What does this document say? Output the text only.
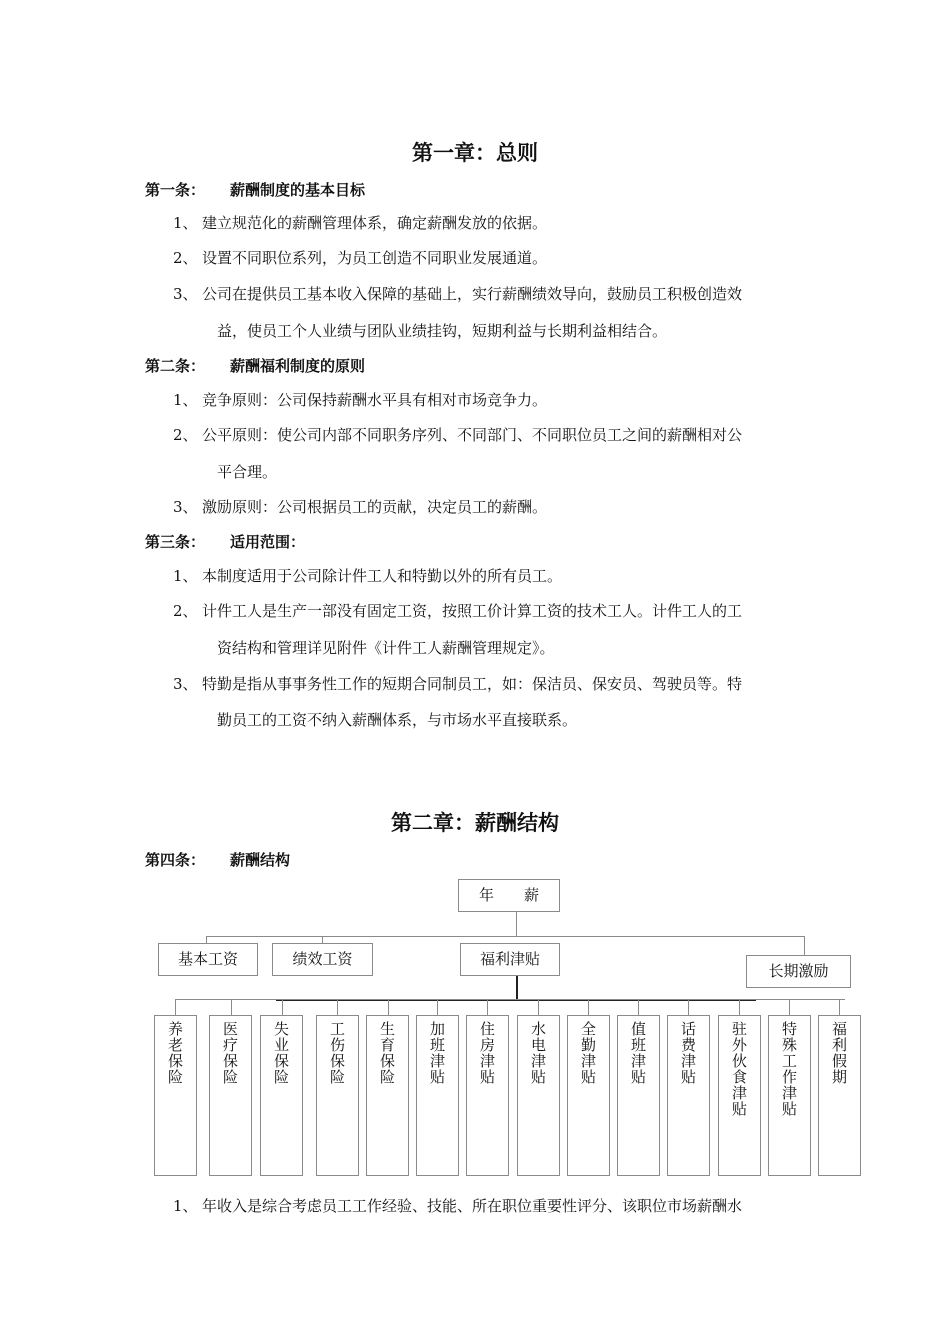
第一章：总则
第一条： 薪酬制度的基本目标
1、 建立规范化的薪酬管理体系，确定薪酬发放的依据。
2、 设置不同职位系列，为员工创造不同职业发展通道。
3、 公司在提供员工基本收入保障的基础上，实行薪酬绩效导向，鼓励员工积极创造效
益，使员工个人业绩与团队业绩挂钩，短期利益与长期利益相结合。
第二条： 薪酬福利制度的原则
1、 竞争原则：公司保持薪酬水平具有相对市场竞争力。
2、 公平原则：使公司内部不同职务序列、不同部门、不同职位员工之间的薪酬相对公
平合理。
3、 激励原则：公司根据员工的贡献，决定员工的薪酬。
第三条： 适用范围：
1、 本制度适用于公司除计件工人和特勤以外的所有员工。
2、 计件工人是生产一部没有固定工资，按照工价计算工资的技术工人。计件工人的工
资结构和管理详见附件《计件工人薪酬管理规定》。
3、 特勤是指从事事务性工作的短期合同制员工，如：保洁员、保安员、驾驶员等。特
勤员工的工资不纳入薪酬体系，与市场水平直接联系。
第二章：薪酬结构
第四条： 薪酬结构
年　　薪
基本工资	绩效工资	福利津贴
长期激励
养老保险	医疗保险	失业保险	工伤保险	生育保险	加班津贴	住房津贴	水电津贴	全勤津贴	值班津贴	话费津贴	驻外伙食津贴	特殊工作津贴	福利假期
1、 年收入是综合考虑员工工作经验、技能、所在职位重要性评分、该职位市场薪酬水
